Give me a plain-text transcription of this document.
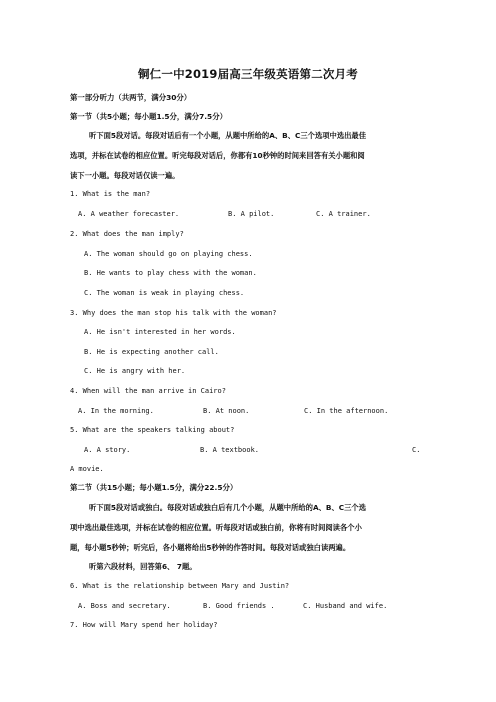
铜仁一中2019届高三年级英语第二次月考
第一部分听力（共两节，满分30分）
第一节（共5小题；每小题1.5分，满分7.5分）
听下面5段对话。每段对话后有一个小题，从题中所给的A、B、C三个选项中选出最佳
选项，并标在试卷的相应位置。听完每段对话后，你都有10秒钟的时间来回答有关小题和阅
读下一小题。每段对话仅读一遍。
1. What is the man?
A. A weather forecaster.	B. A pilot.	C. A trainer.
2. What does the man imply?
A. The woman should go on playing chess.
B. He wants to play chess with the woman.
C. The woman is weak in playing chess.
3. Why does the man stop his talk with the woman?
A. He isn't interested in her words.
B. He is expecting another call.
C. He is angry with her.
4. When will the man arrive in Cairo?
A. In the morning.	B. At noon.	C. In the afternoon.
5. What are the speakers talking about?
A. A story.	B. A textbook.	C.
A movie.
第二节（共15小题；每小题1.5分，满分22.5分）
听下面5段对话或独白。每段对话或独白后有几个小题，从题中所给的A、B、C三个选
项中选出最佳选项，并标在试卷的相应位置。听每段对话或独白前，你将有时间阅读各个小
题，每小题5秒钟；听完后，各小题将给出5秒钟的作答时间。每段对话或独白读两遍。
听第六段材料，回答第6、 7题。
6. What is the relationship between Mary and Justin?
A. Boss and secretary.	B. Good friends .	C. Husband and wife.
7. How will Mary spend her holiday?
